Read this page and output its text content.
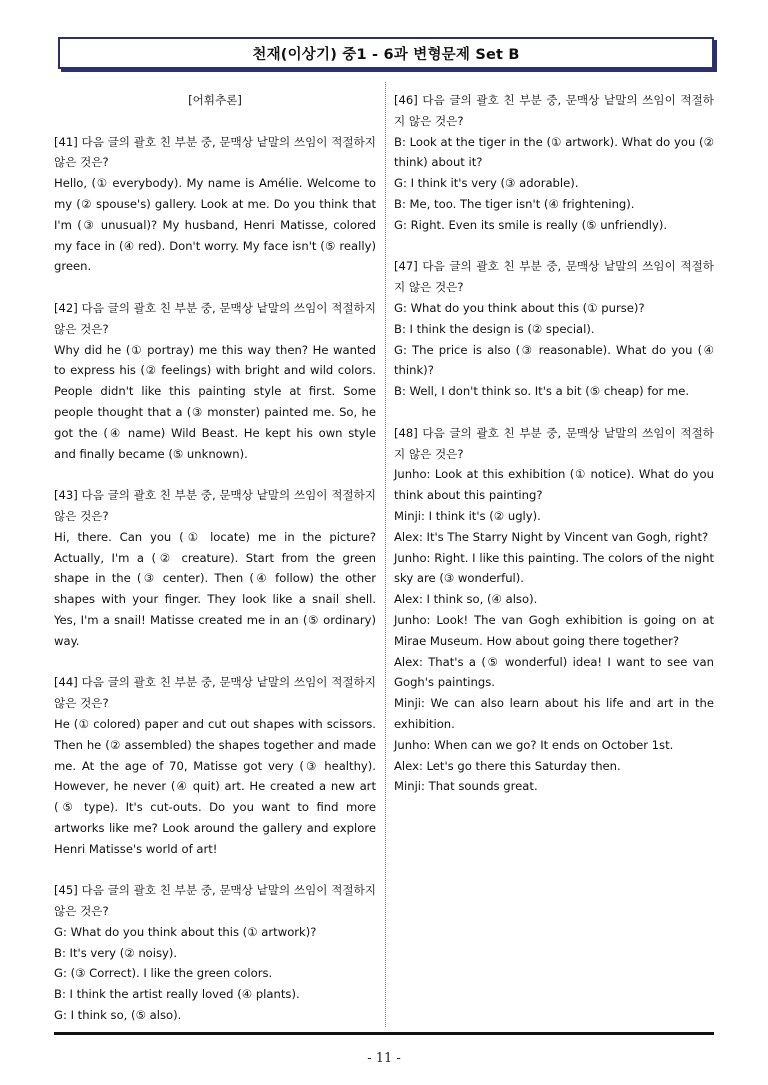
천재(이상기) 중1 - 6과 변형문제 Set B

[어휘추론]

[41] 다음 글의 괄호 친 부분 중, 문맥상 낱말의 쓰임이 적절하지 않은 것은?

Hello, (① everybody). My name is Amélie. Welcome to my (② spouse's) gallery. Look at me. Do you think that I'm (③ unusual)? My husband, Henri Matisse, colored my face in (④ red). Don't worry. My face isn't (⑤ really) green.

[42] 다음 글의 괄호 친 부분 중, 문맥상 낱말의 쓰임이 적절하지 않은 것은?

Why did he (① portray) me this way then? He wanted to express his (② feelings) with bright and wild colors. People didn't like this painting style at first. Some people thought that a (③ monster) painted me. So, he got the (④ name) Wild Beast. He kept his own style and finally became (⑤ unknown).

[43] 다음 글의 괄호 친 부분 중, 문맥상 낱말의 쓰임이 적절하지 않은 것은?

Hi, there. Can you (① locate) me in the picture? Actually, I'm a (② creature). Start from the green shape in the (③ center). Then (④ follow) the other shapes with your finger. They look like a snail shell. Yes, I'm a snail! Matisse created me in an (⑤ ordinary) way.

[44] 다음 글의 괄호 친 부분 중, 문맥상 낱말의 쓰임이 적절하지 않은 것은?

He (① colored) paper and cut out shapes with scissors. Then he (② assembled) the shapes together and made me. At the age of 70, Matisse got very (③ healthy). However, he never (④ quit) art. He created a new art (⑤ type). It's cut-outs. Do you want to find more artworks like me? Look around the gallery and explore Henri Matisse's world of art!

[45] 다음 글의 괄호 친 부분 중, 문맥상 낱말의 쓰임이 적절하지 않은 것은?

G: What do you think about this (① artwork)?
B: It's very (② noisy).
G: (③ Correct). I like the green colors.
B: I think the artist really loved (④ plants).
G: I think so, (⑤ also).

[46] 다음 글의 괄호 친 부분 중, 문맥상 낱말의 쓰임이 적절하지 않은 것은?

B: Look at the tiger in the (① artwork). What do you (② think) about it?
G: I think it's very (③ adorable).
B: Me, too. The tiger isn't (④ frightening).
G: Right. Even its smile is really (⑤ unfriendly).

[47] 다음 글의 괄호 친 부분 중, 문맥상 낱말의 쓰임이 적절하지 않은 것은?

G: What do you think about this (① purse)?
B: I think the design is (② special).
G: The price is also (③ reasonable). What do you (④ think)?
B: Well, I don't think so. It's a bit (⑤ cheap) for me.

[48] 다음 글의 괄호 친 부분 중, 문맥상 낱말의 쓰임이 적절하지 않은 것은?

Junho: Look at this exhibition (① notice). What do you think about this painting?
Minji: I think it's (② ugly).
Alex: It's The Starry Night by Vincent van Gogh, right?
Junho: Right. I like this painting. The colors of the night sky are (③ wonderful).
Alex: I think so, (④ also).
Junho: Look! The van Gogh exhibition is going on at Mirae Museum. How about going there together?
Alex: That's a (⑤ wonderful) idea! I want to see van Gogh's paintings.
Minji: We can also learn about his life and art in the exhibition.
Junho: When can we go? It ends on October 1st.
Alex: Let's go there this Saturday then.
Minji: That sounds great.

- 11 -
